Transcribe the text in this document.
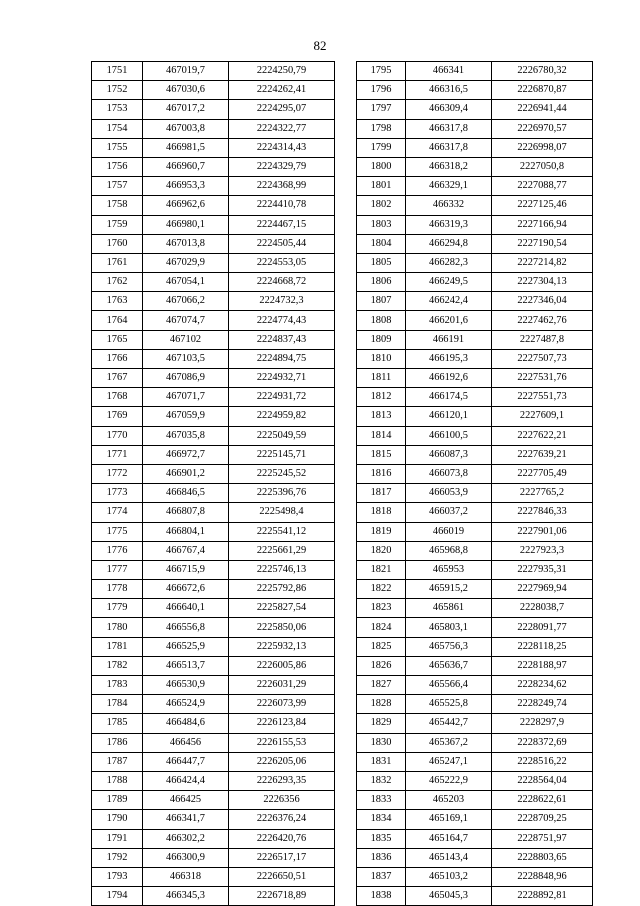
82
1751	467019,7	2224250,79
1752	467030,6	2224262,41
1753	467017,2	2224295,07
1754	467003,8	2224322,77
1755	466981,5	2224314,43
1756	466960,7	2224329,79
1757	466953,3	2224368,99
1758	466962,6	2224410,78
1759	466980,1	2224467,15
1760	467013,8	2224505,44
1761	467029,9	2224553,05
1762	467054,1	2224668,72
1763	467066,2	2224732,3
1764	467074,7	2224774,43
1765	467102	2224837,43
1766	467103,5	2224894,75
1767	467086,9	2224932,71
1768	467071,7	2224931,72
1769	467059,9	2224959,82
1770	467035,8	2225049,59
1771	466972,7	2225145,71
1772	466901,2	2225245,52
1773	466846,5	2225396,76
1774	466807,8	2225498,4
1775	466804,1	2225541,12
1776	466767,4	2225661,29
1777	466715,9	2225746,13
1778	466672,6	2225792,86
1779	466640,1	2225827,54
1780	466556,8	2225850,06
1781	466525,9	2225932,13
1782	466513,7	2226005,86
1783	466530,9	2226031,29
1784	466524,9	2226073,99
1785	466484,6	2226123,84
1786	466456	2226155,53
1787	466447,7	2226205,06
1788	466424,4	2226293,35
1789	466425	2226356
1790	466341,7	2226376,24
1791	466302,2	2226420,76
1792	466300,9	2226517,17
1793	466318	2226650,51
1794	466345,3	2226718,89
1795	466341	2226780,32
1796	466316,5	2226870,87
1797	466309,4	2226941,44
1798	466317,8	2226970,57
1799	466317,8	2226998,07
1800	466318,2	2227050,8
1801	466329,1	2227088,77
1802	466332	2227125,46
1803	466319,3	2227166,94
1804	466294,8	2227190,54
1805	466282,3	2227214,82
1806	466249,5	2227304,13
1807	466242,4	2227346,04
1808	466201,6	2227462,76
1809	466191	2227487,8
1810	466195,3	2227507,73
1811	466192,6	2227531,76
1812	466174,5	2227551,73
1813	466120,1	2227609,1
1814	466100,5	2227622,21
1815	466087,3	2227639,21
1816	466073,8	2227705,49
1817	466053,9	2227765,2
1818	466037,2	2227846,33
1819	466019	2227901,06
1820	465968,8	2227923,3
1821	465953	2227935,31
1822	465915,2	2227969,94
1823	465861	2228038,7
1824	465803,1	2228091,77
1825	465756,3	2228118,25
1826	465636,7	2228188,97
1827	465566,4	2228234,62
1828	465525,8	2228249,74
1829	465442,7	2228297,9
1830	465367,2	2228372,69
1831	465247,1	2228516,22
1832	465222,9	2228564,04
1833	465203	2228622,61
1834	465169,1	2228709,25
1835	465164,7	2228751,97
1836	465143,4	2228803,65
1837	465103,2	2228848,96
1838	465045,3	2228892,81
